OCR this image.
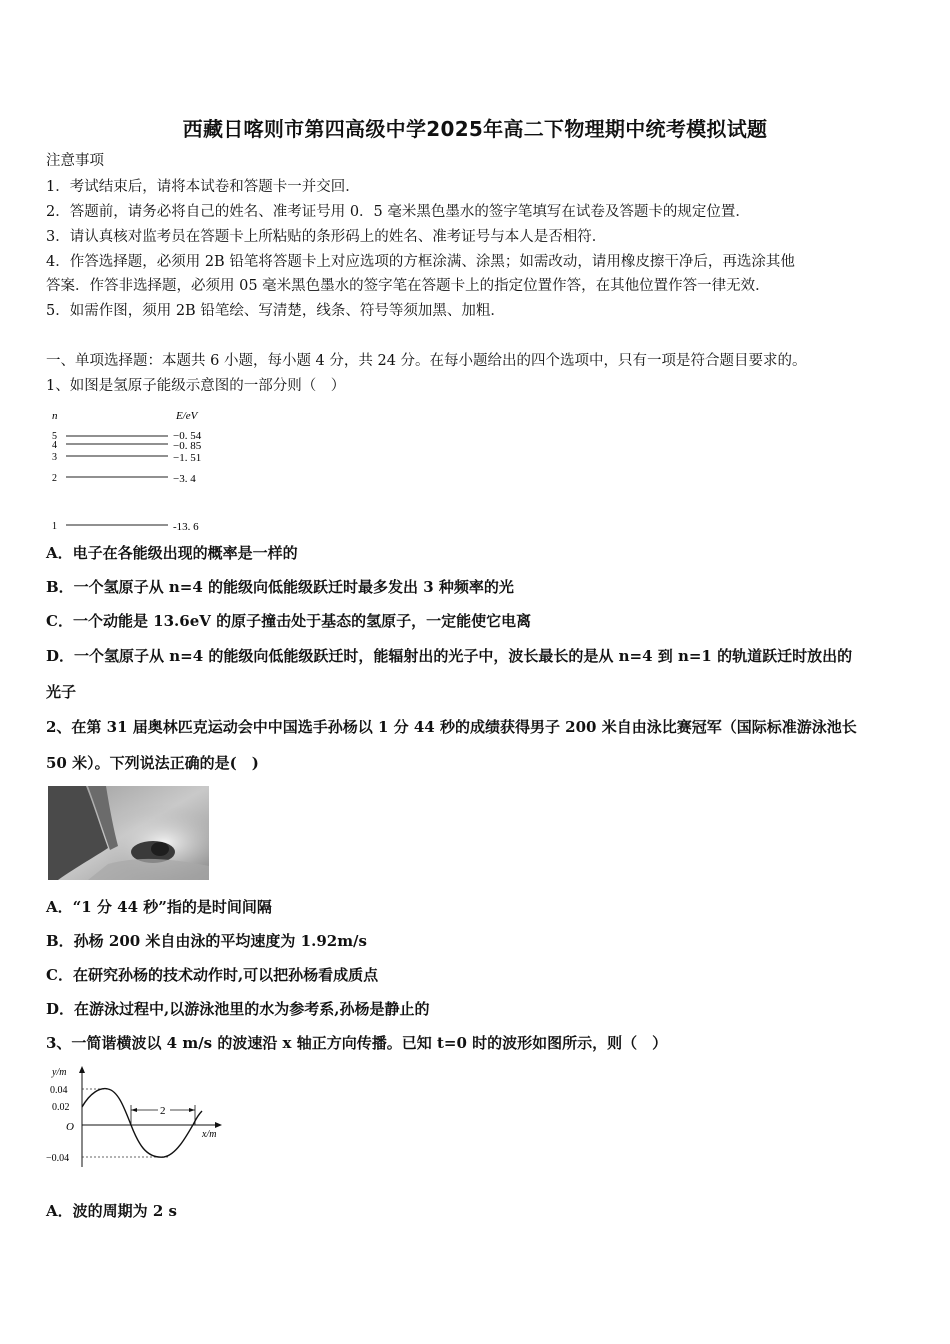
西藏日喀则市第四高级中学2025年高二下物理期中统考模拟试题
注意事项
1．考试结束后，请将本试卷和答题卡一并交回．
2．答题前，请务必将自己的姓名、准考证号用 0．5 毫米黑色墨水的签字笔填写在试卷及答题卡的规定位置．
3．请认真核对监考员在答题卡上所粘贴的条形码上的姓名、准考证号与本人是否相符．
4．作答选择题，必须用 2B 铅笔将答题卡上对应选项的方框涂满、涂黑；如需改动，请用橡皮擦干净后，再选涂其他
答案．作答非选择题，必须用 05 毫米黑色墨水的签字笔在答题卡上的指定位置作答，在其他位置作答一律无效．
5．如需作图，须用 2B 铅笔绘、写清楚，线条、符号等须加黑、加粗．
一、单项选择题：本题共 6 小题，每小题 4 分，共 24 分。在每小题给出的四个选项中，只有一项是符合题目要求的。
1、如图是氢原子能级示意图的一部分则（　）
n	E/eV
5	−0. 54
4	−0. 85
3	−1. 51
2	−3. 4
1	-13. 6
A．电子在各能级出现的概率是一样的
B．一个氢原子从 n=4 的能级向低能级跃迁时最多发出 3 种频率的光
C．一个动能是 13.6eV 的原子撞击处于基态的氢原子，一定能使它电离
D．一个氢原子从 n=4 的能级向低能级跃迁时，能辐射出的光子中，波长最长的是从 n=4 到 n=1 的轨道跃迁时放出的
光子
2、在第 31 届奥林匹克运动会中中国选手孙杨以 1 分 44 秒的成绩获得男子 200 米自由泳比赛冠军（国际标准游泳池长
50 米）。下列说法正确的是(　)
A．“1 分 44 秒”指的是时间间隔
B．孙杨 200 米自由泳的平均速度为 1.92m/s
C．在研究孙杨的技术动作时,可以把孙杨看成质点
D．在游泳过程中,以游泳池里的水为参考系,孙杨是静止的
3、一简谐横波以 4 m/s 的波速沿 x 轴正方向传播。已知 t=0 时的波形如图所示，则（　）
y/m
x/m
O
0.04
0.02
−0.04
2
A．波的周期为 2 s
